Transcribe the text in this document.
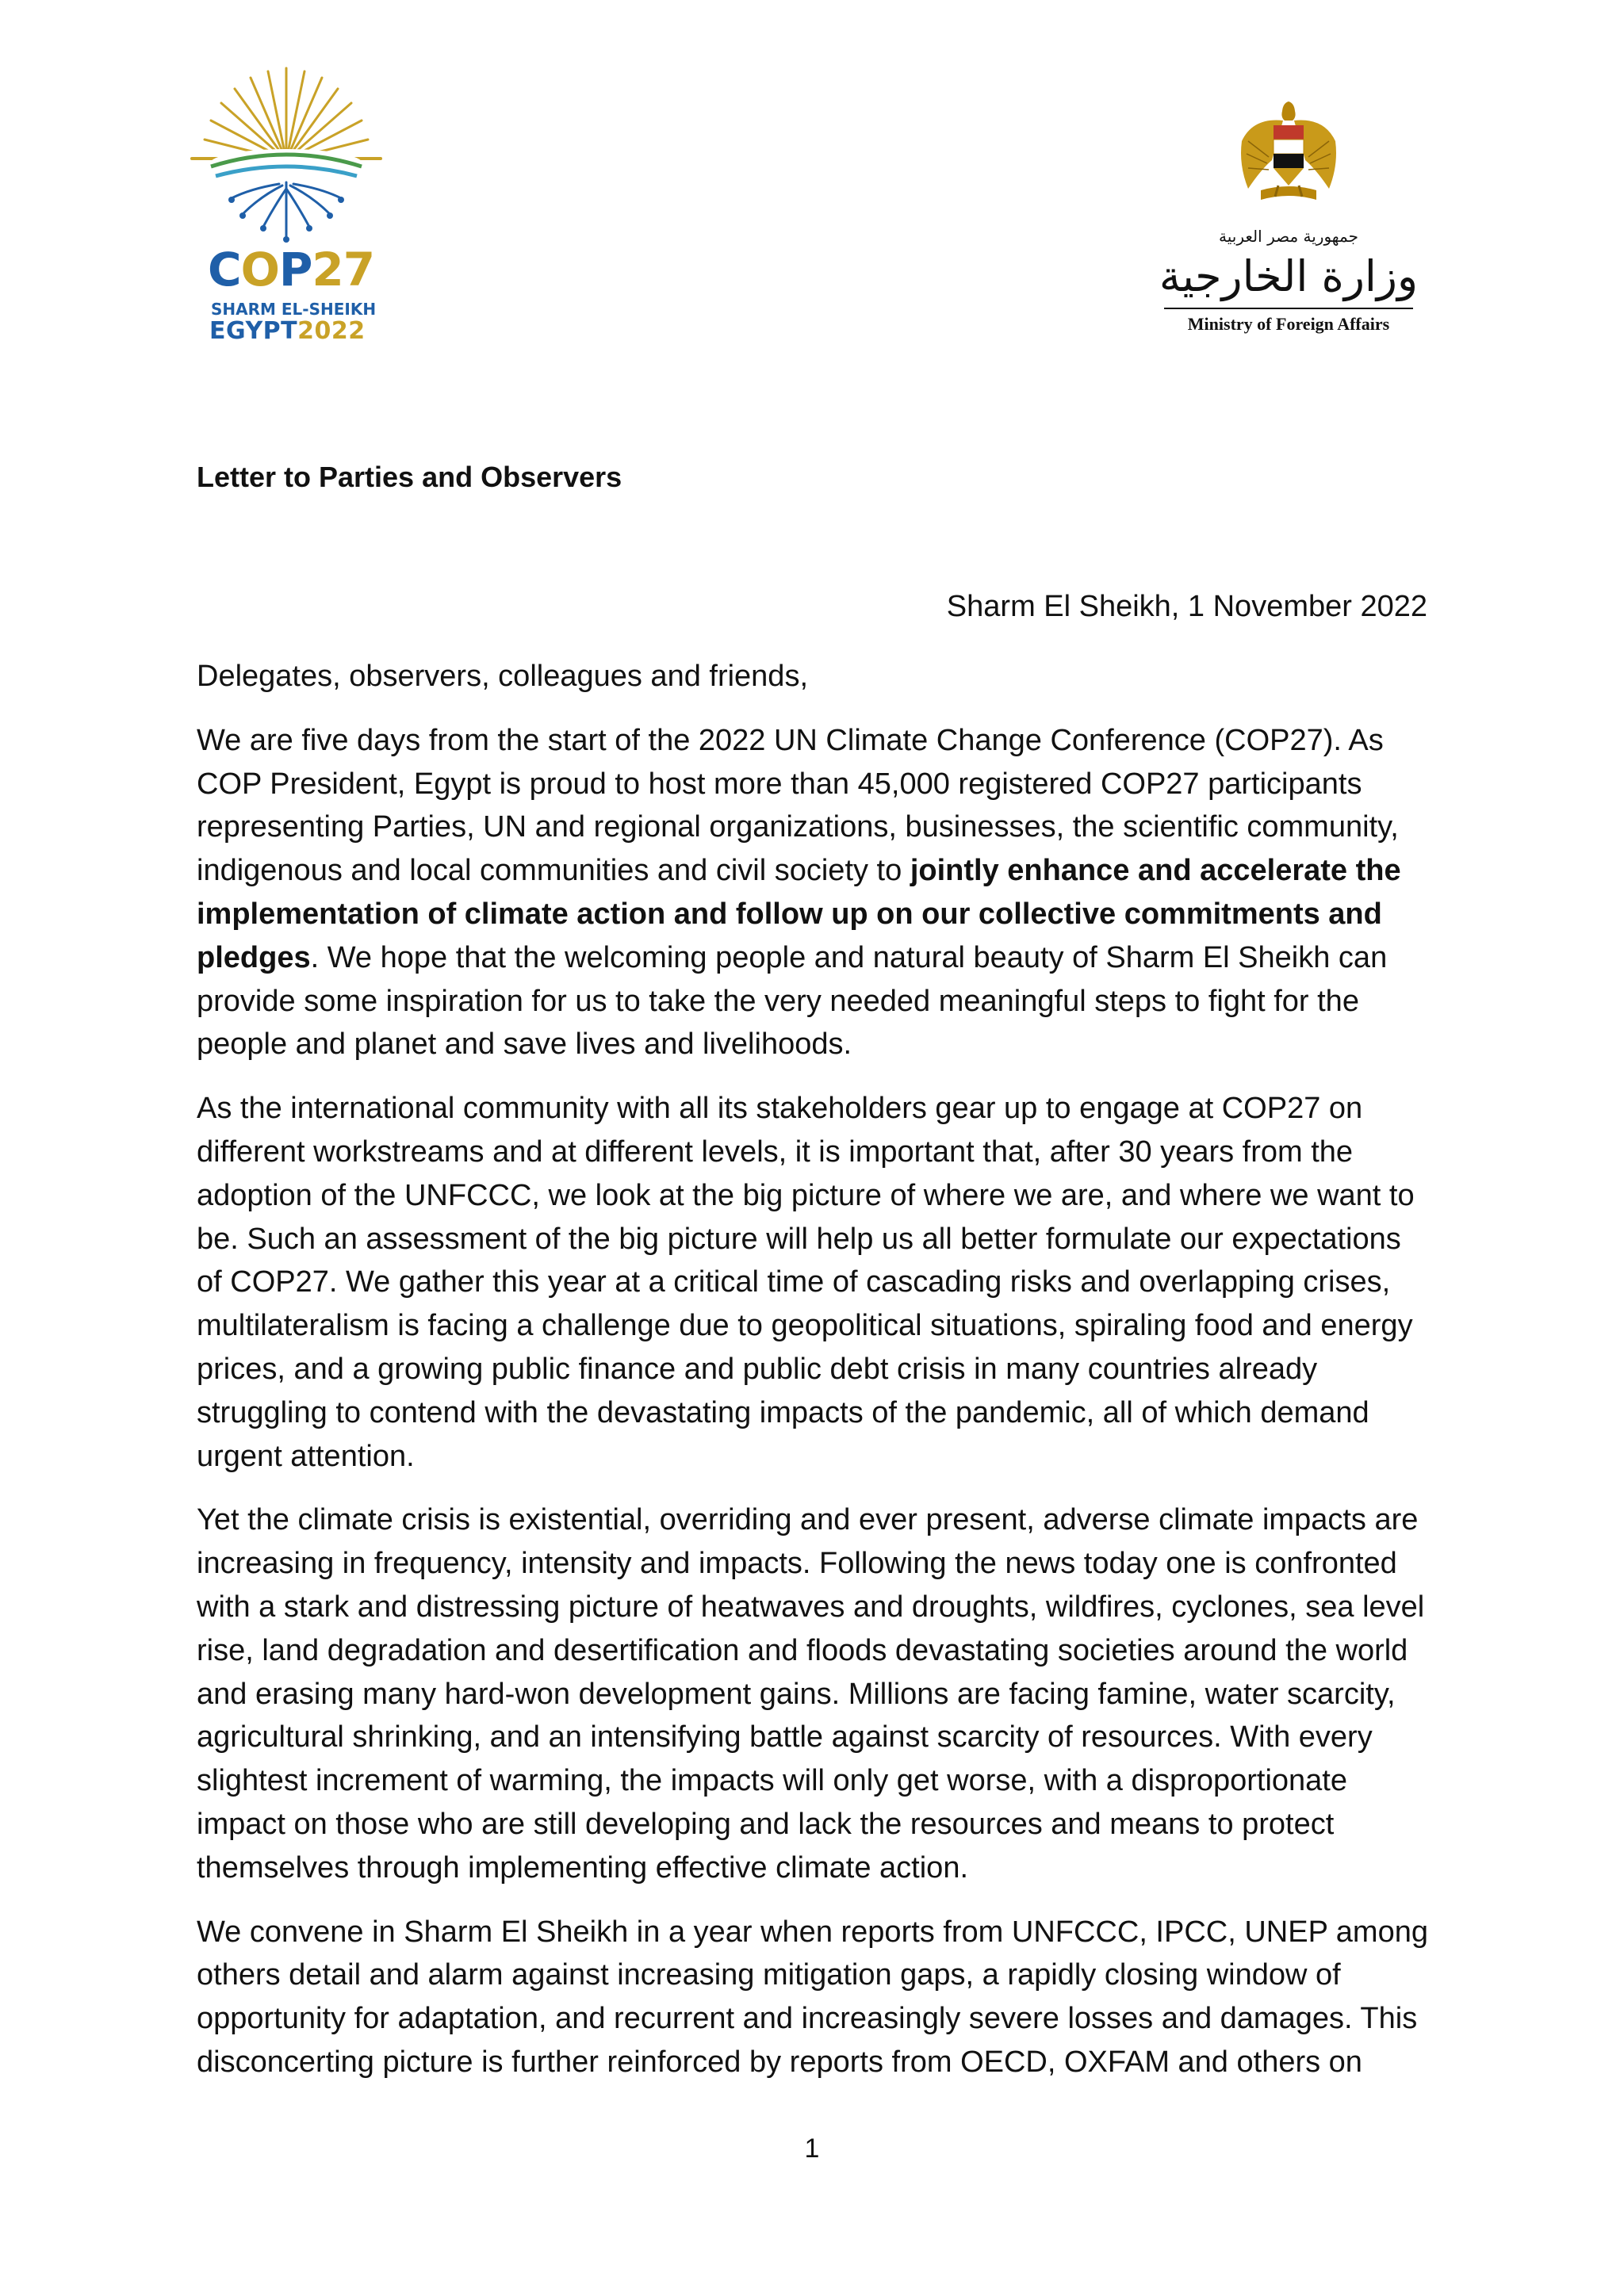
COP27
SHARM EL-SHEIKH
EGYPT2022
جمهورية مصر العربية
وزارة الخارجية
Ministry of Foreign Affairs
Letter to Parties and Observers
Sharm El Sheikh, 1 November 2022

Delegates, observers, colleagues and friends,

We are five days from the start of the 2022 UN Climate Change Conference (COP27). As COP President, Egypt is proud to host more than 45,000 registered COP27 participants representing Parties, UN and regional organizations, businesses, the scientific community, indigenous and local communities and civil society to jointly enhance and accelerate the implementation of climate action and follow up on our collective commitments and pledges. We hope that the welcoming people and natural beauty of Sharm El Sheikh can provide some inspiration for us to take the very needed meaningful steps to fight for the people and planet and save lives and livelihoods.

As the international community with all its stakeholders gear up to engage at COP27 on different workstreams and at different levels, it is important that, after 30 years from the adoption of the UNFCCC, we look at the big picture of where we are, and where we want to be. Such an assessment of the big picture will help us all better formulate our expectations of COP27. We gather this year at a critical time of cascading risks and overlapping crises, multilateralism is facing a challenge due to geopolitical situations, spiraling food and energy prices, and a growing public finance and public debt crisis in many countries already struggling to contend with the devastating impacts of the pandemic, all of which demand urgent attention.

Yet the climate crisis is existential, overriding and ever present, adverse climate impacts are increasing in frequency, intensity and impacts. Following the news today one is confronted with a stark and distressing picture of heatwaves and droughts, wildfires, cyclones, sea level rise, land degradation and desertification and floods devastating societies around the world and erasing many hard-won development gains. Millions are facing famine, water scarcity, agricultural shrinking, and an intensifying battle against scarcity of resources. With every slightest increment of warming, the impacts will only get worse, with a disproportionate impact on those who are still developing and lack the resources and means to protect themselves through implementing effective climate action.

We convene in Sharm El Sheikh in a year when reports from UNFCCC, IPCC, UNEP among others detail and alarm against increasing mitigation gaps, a rapidly closing window of opportunity for adaptation, and recurrent and increasingly severe losses and damages. This disconcerting picture is further reinforced by reports from OECD, OXFAM and others on

1
